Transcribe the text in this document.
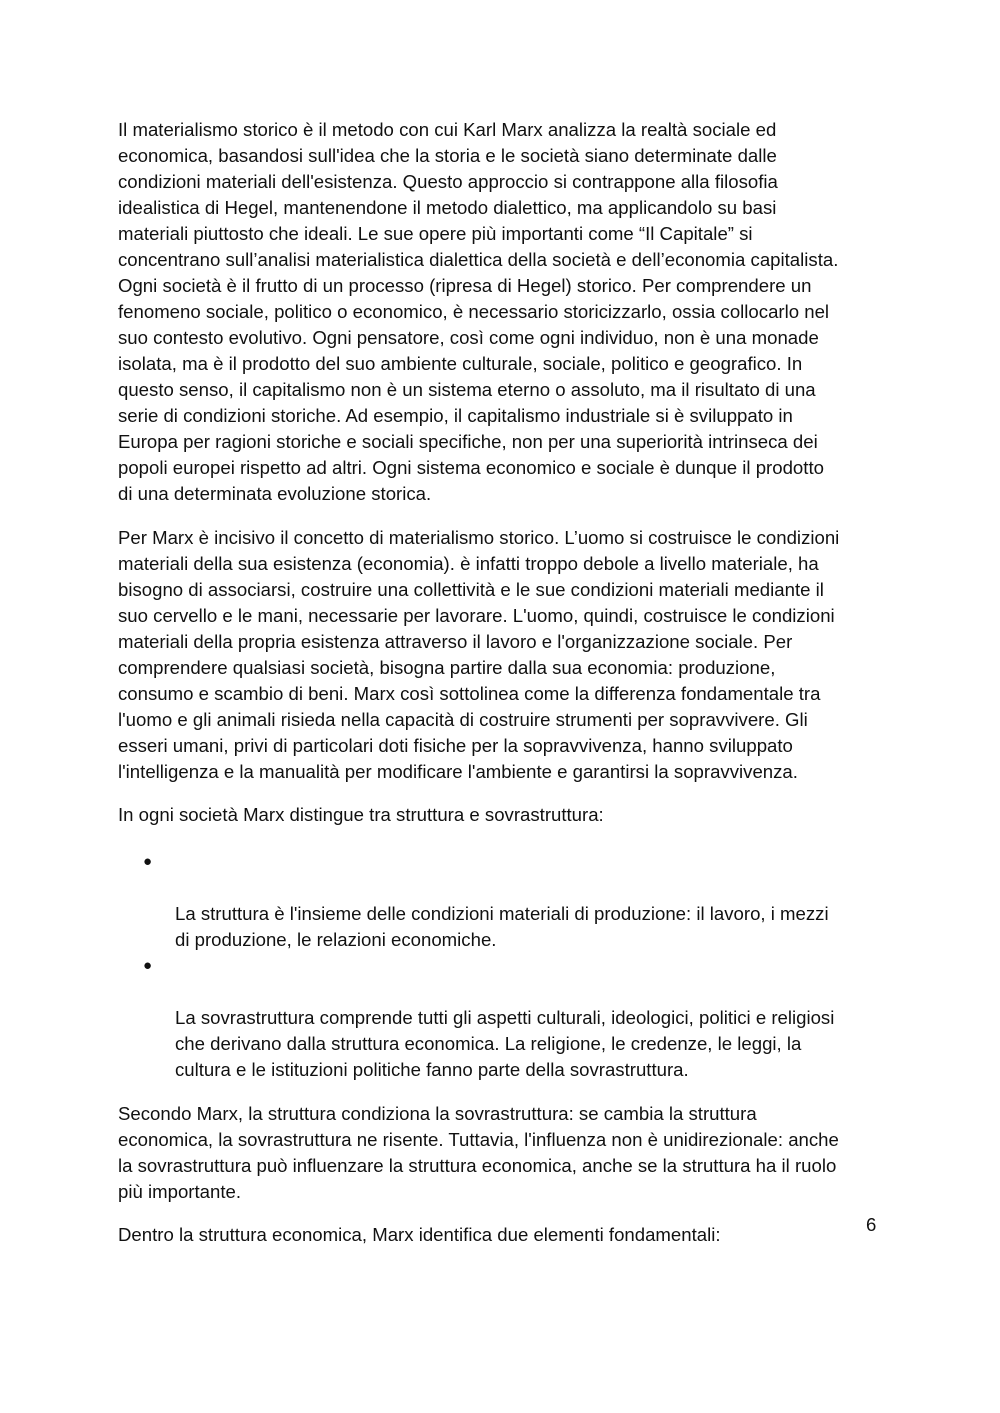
Il materialismo storico è il metodo con cui Karl Marx analizza la realtà sociale ed
economica, basandosi sull'idea che la storia e le società siano determinate dalle
condizioni materiali dell'esistenza. Questo approccio si contrappone alla filosofia
idealistica di Hegel, mantenendone il metodo dialettico, ma applicandolo su basi
materiali piuttosto che ideali. Le sue opere più importanti come “Il Capitale” si
concentrano sull’analisi materialistica dialettica della società e dell’economia capitalista.
Ogni società è il frutto di un processo (ripresa di Hegel) storico. Per comprendere un
fenomeno sociale, politico o economico, è necessario storicizzarlo, ossia collocarlo nel
suo contesto evolutivo. Ogni pensatore, così come ogni individuo, non è una monade
isolata, ma è il prodotto del suo ambiente culturale, sociale, politico e geografico. In
questo senso, il capitalismo non è un sistema eterno o assoluto, ma il risultato di una
serie di condizioni storiche. Ad esempio, il capitalismo industriale si è sviluppato in
Europa per ragioni storiche e sociali specifiche, non per una superiorità intrinseca dei
popoli europei rispetto ad altri. Ogni sistema economico e sociale è dunque il prodotto
di una determinata evoluzione storica.

Per Marx è incisivo il concetto di materialismo storico. L’uomo si costruisce le condizioni
materiali della sua esistenza (economia). è infatti troppo debole a livello materiale, ha
bisogno di associarsi, costruire una collettività e le sue condizioni materiali mediante il
suo cervello e le mani, necessarie per lavorare. L'uomo, quindi, costruisce le condizioni
materiali della propria esistenza attraverso il lavoro e l'organizzazione sociale. Per
comprendere qualsiasi società, bisogna partire dalla sua economia: produzione,
consumo e scambio di beni. Marx così sottolinea come la differenza fondamentale tra
l'uomo e gli animali risieda nella capacità di costruire strumenti per sopravvivere. Gli
esseri umani, privi di particolari doti fisiche per la sopravvivenza, hanno sviluppato
l'intelligenza e la manualità per modificare l'ambiente e garantirsi la sopravvivenza.

In ogni società Marx distingue tra struttura e sovrastruttura:

●

La struttura è l'insieme delle condizioni materiali di produzione: il lavoro, i mezzi
di produzione, le relazioni economiche.

●

La sovrastruttura comprende tutti gli aspetti culturali, ideologici, politici e religiosi
che derivano dalla struttura economica. La religione, le credenze, le leggi, la
cultura e le istituzioni politiche fanno parte della sovrastruttura.

Secondo Marx, la struttura condiziona la sovrastruttura: se cambia la struttura
economica, la sovrastruttura ne risente. Tuttavia, l'influenza non è unidirezionale: anche
la sovrastruttura può influenzare la struttura economica, anche se la struttura ha il ruolo
più importante.

Dentro la struttura economica, Marx identifica due elementi fondamentali:	6
